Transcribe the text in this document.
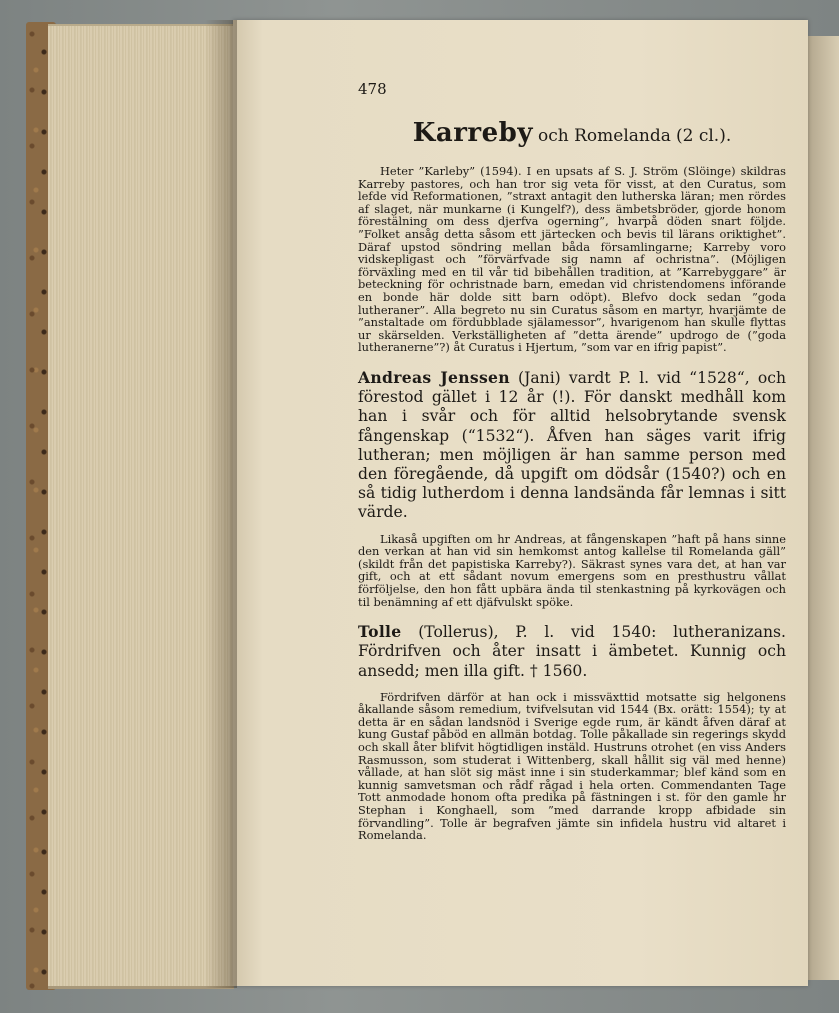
478

Karreby och Romelanda (2 cl.).

Heter ”Karleby” (1594). I en upsats af S. J. Ström (Slöinge) skildras Karreby pastores, och han tror sig veta för visst, at den Curatus, som lefde vid Reformationen, ”straxt antagit den lutherska läran; men rördes af slaget, när munkarne (i Kungelf?), dess ämbetsbröder, gjorde honom förestälning om dess djerfva ogerning”, hvarpå döden snart följde. ”Folket ansåg detta såsom ett järtecken och bevis til lärans oriktighet”. Däraf upstod söndring mellan båda församlingarne; Karreby voro vidskepligast och ”förvärfvade sig namn af ochristna”. (Möjligen förväxling med en til vår tid bibehållen tradition, at ”Karrebyggare” är beteckning för ochristnade barn, emedan vid christendomens införande en bonde här dolde sitt barn odöpt). Blefvo dock sedan ”goda lutheraner”. Alla begreto nu sin Curatus såsom en martyr, hvarjämte de ”anstaltade om fördubblade själamessor”, hvarigenom han skulle flyttas ur skärselden. Verkställigheten af ”detta ärende” updrogo de (”goda lutheranerne”?) åt Curatus i Hjertum, ”som var en ifrig papist”.

Andreas Jenssen (Jani) vardt P. l. vid “1528“, och förestod gället i 12 år (!). För danskt medhåll kom han i svår och för alltid helsobrytande svensk fångenskap (“1532“). Åfven han säges varit ifrig lutheran; men möjligen är han samme person med den föregående, då upgift om dödsår (1540?) och en så tidig lutherdom i denna landsända får lemnas i sitt värde.

Likaså upgiften om hr Andreas, at fångenskapen ”haft på hans sinne den verkan at han vid sin hemkomst antog kallelse til Romelanda gäll” (skildt från det papistiska Karreby?). Säkrast synes vara det, at han var gift, och at ett sådant novum emergens som en presthustru vållat förföljelse, den hon fått upbära ända til stenkastning på kyrkovägen och til benämning af ett djäfvulskt spöke.

Tolle (Tollerus), P. l. vid 1540: lutheranizans. Fördrifven och åter insatt i ämbetet. Kunnig och ansedd; men illa gift. † 1560.

Fördrifven därför at han ock i missväxttid motsatte sig helgonens åkallande såsom remedium, tvifvelsutan vid 1544 (Bx. orätt: 1554); ty at detta är en sådan landsnöd i Sverige egde rum, är kändt åfven däraf at kung Gustaf påböd en allmän botdag. Tolle påkallade sin regerings skydd och skall åter blifvit högtidligen instäld. Hustruns otrohet (en viss Anders Rasmusson, som studerat i Wittenberg, skall hållit sig väl med henne) vållade, at han slöt sig mäst inne i sin studerkammar; blef känd som en kunnig samvetsman och rådf rågad i hela orten. Commendanten Tage Tott anmodade honom ofta predika på fästningen i st. för den gamle hr Stephan i Konghaell, som ”med darrande kropp afbidade sin förvandling”. Tolle är begrafven jämte sin infidela hustru vid altaret i Romelanda.
